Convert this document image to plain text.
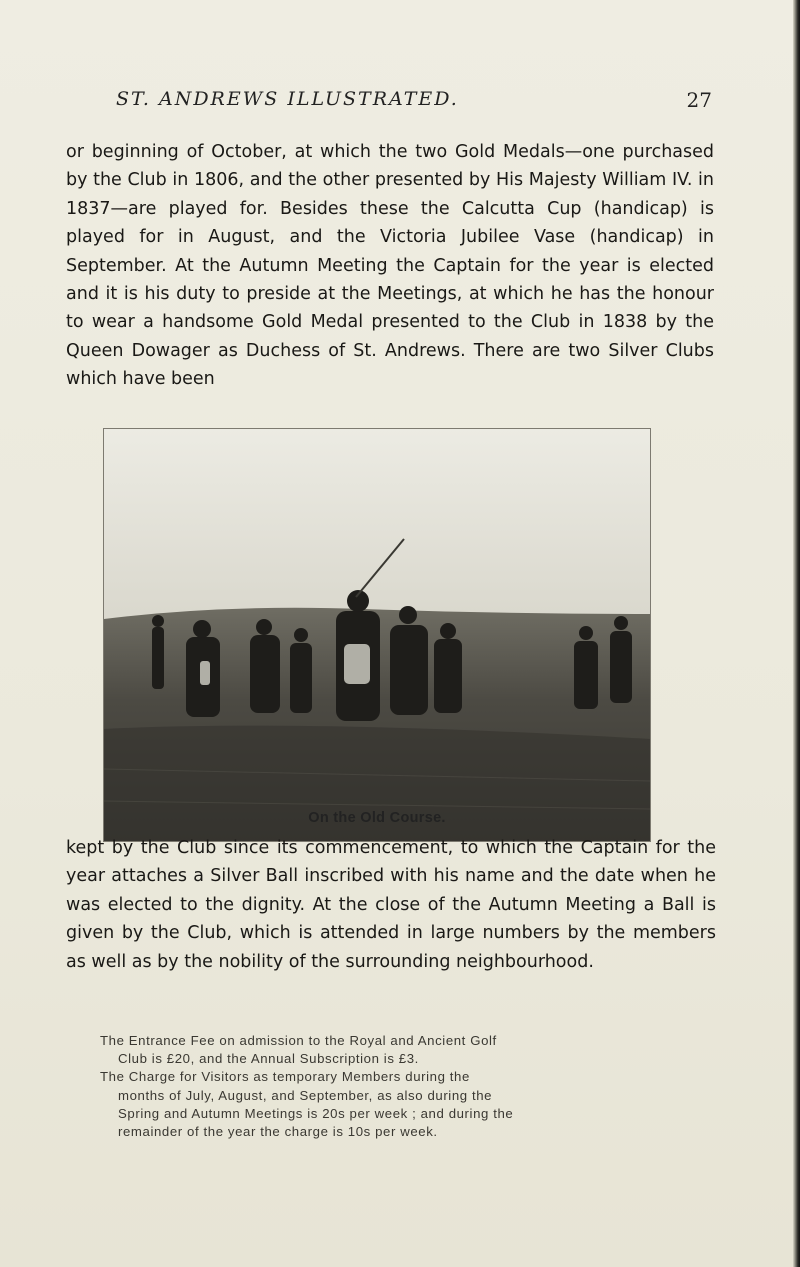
ST. ANDREWS ILLUSTRATED.	27

or beginning of October, at which the two Gold Medals—one purchased by the Club in 1806, and the other presented by His Majesty William IV. in 1837—are played for. Besides these the Calcutta Cup (handicap) is played for in August, and the Victoria Jubilee Vase (handicap) in September. At the Autumn Meeting the Captain for the year is elected and it is his duty to preside at the Meetings, at which he has the honour to wear a handsome Gold Medal presented to the Club in 1838 by the Queen Dowager as Duchess of St. Andrews. There are two Silver Clubs which have been

On the Old Course.

kept by the Club since its commencement, to which the Captain for the year attaches a Silver Ball inscribed with his name and the date when he was elected to the dignity. At the close of the Autumn Meeting a Ball is given by the Club, which is attended in large numbers by the members as well as by the nobility of the surrounding neighbourhood.

The Entrance Fee on admission to the Royal and Ancient Golf
Club is £20, and the Annual Subscription is £3.
The Charge for Visitors as temporary Members during the
months of July, August, and September, as also during the
Spring and Autumn Meetings is 20s per week ; and during the
remainder of the year the charge is 10s per week.
